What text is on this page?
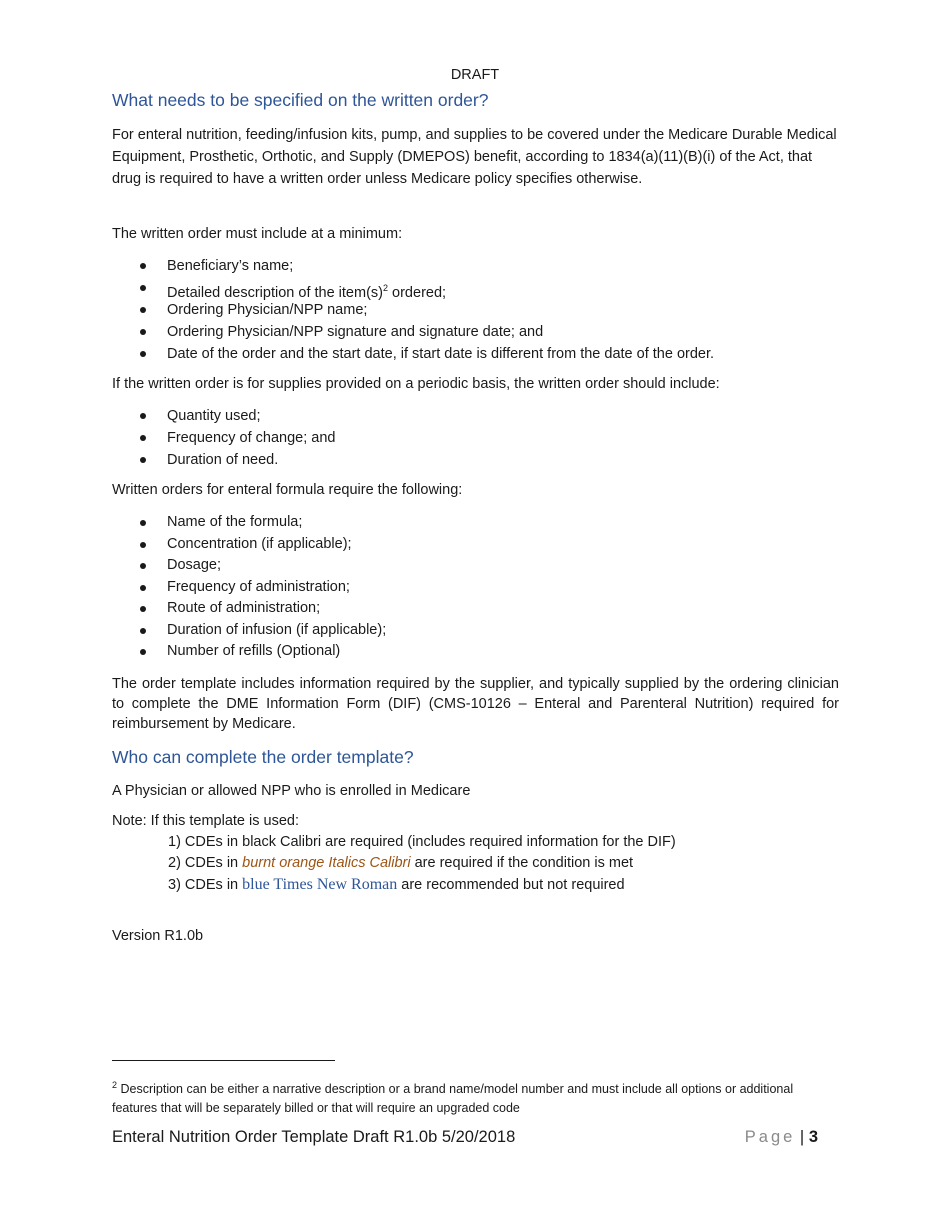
DRAFT
What needs to be specified on the written order?
For enteral nutrition, feeding/infusion kits, pump, and supplies to be covered under the Medicare Durable Medical Equipment, Prosthetic, Orthotic, and Supply (DMEPOS) benefit, according to 1834(a)(11)(B)(i) of the Act, that drug is required to have a written order unless Medicare policy specifies otherwise.
The written order must include at a minimum:
Beneficiary’s name;
Detailed description of the $item(s)^2$ ordered;
Ordering Physician/NPP name;
Ordering Physician/NPP signature and signature date; and
Date of the order and the start date, if start date is different from the date of the order.
If the written order is for supplies provided on a periodic basis, the written order should include:
Quantity used;
Frequency of change; and
Duration of need.
Written orders for enteral formula require the following:
Name of the formula;
Concentration (if applicable);
Dosage;
Frequency of administration;
Route of administration;
Duration of infusion (if applicable);
Number of refills (Optional)
The order template includes information required by the supplier, and typically supplied by the ordering clinician to complete the DME Information Form (DIF) (CMS-10126 – Enteral and Parenteral Nutrition) required for reimbursement by Medicare.
Who can complete the order template?
A Physician or allowed NPP who is enrolled in Medicare
Note: If this template is used:
1) CDEs in black Calibri are required (includes required information for the DIF)
2) CDEs in burnt orange Italics Calibri are required if the condition is met
3) CDEs in blue Times New Roman are recommended but not required
Version R1.0b
$^2$ Description can be either a narrative description or a brand name/model number and must include all options or additional features that will be separately billed or that will require an upgraded code
Enteral Nutrition Order Template Draft R1.0b 5/20/2018	Page | 3
